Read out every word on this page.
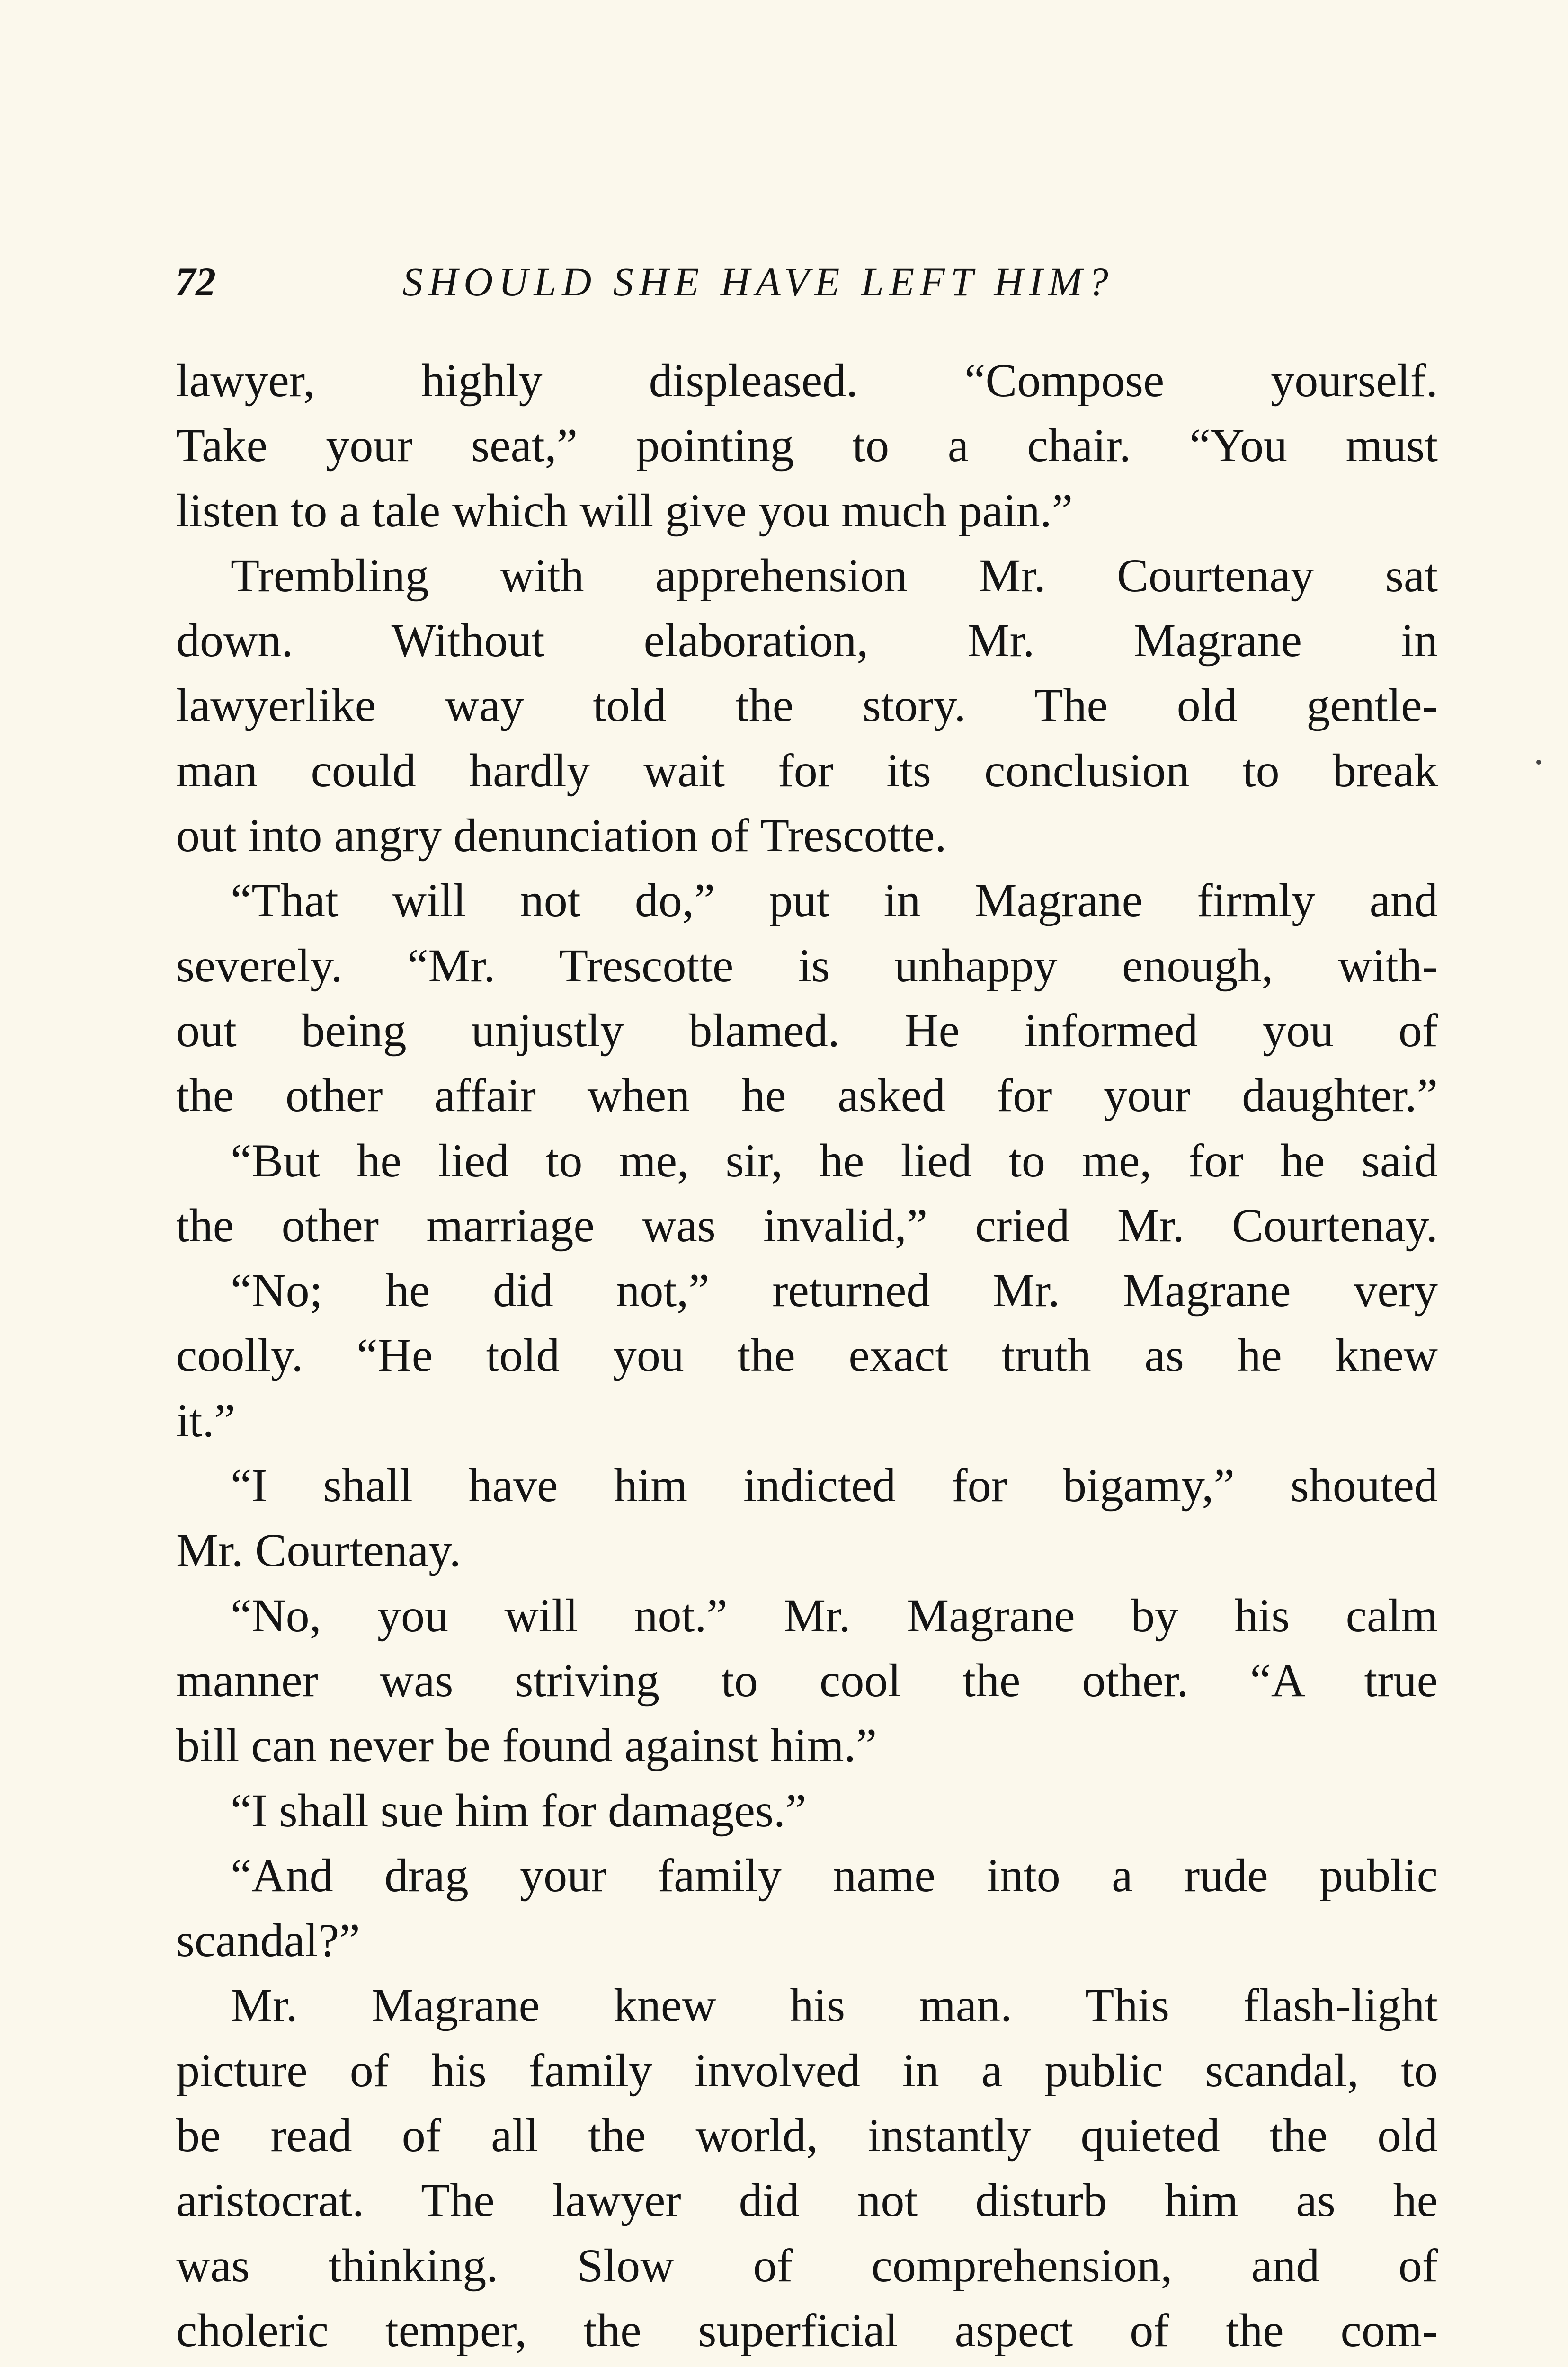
72	SHOULD SHE HAVE LEFT HIM?
lawyer, highly displeased. “Compose yourself.
Take your seat,” pointing to a chair. “You must
listen to a tale which will give you much pain.”
Trembling with apprehension Mr. Courtenay sat
down. Without elaboration, Mr. Magrane in
lawyerlike way told the story. The old gentle-
man could hardly wait for its conclusion to break
out into angry denunciation of Trescotte.
“That will not do,” put in Magrane firmly and
severely. “Mr. Trescotte is unhappy enough, with-
out being unjustly blamed. He informed you of
the other affair when he asked for your daughter.”
“But he lied to me, sir, he lied to me, for he said
the other marriage was invalid,” cried Mr. Courtenay.
“No; he did not,” returned Mr. Magrane very
coolly. “He told you the exact truth as he knew
it.”
“I shall have him indicted for bigamy,” shouted
Mr. Courtenay.
“No, you will not.” Mr. Magrane by his calm
manner was striving to cool the other. “A true
bill can never be found against him.”
“I shall sue him for damages.”
“And drag your family name into a rude public
scandal?”
Mr. Magrane knew his man. This flash-light
picture of his family involved in a public scandal, to
be read of all the world, instantly quieted the old
aristocrat. The lawyer did not disturb him as he
was thinking. Slow of comprehension, and of
choleric temper, the superficial aspect of the com-
